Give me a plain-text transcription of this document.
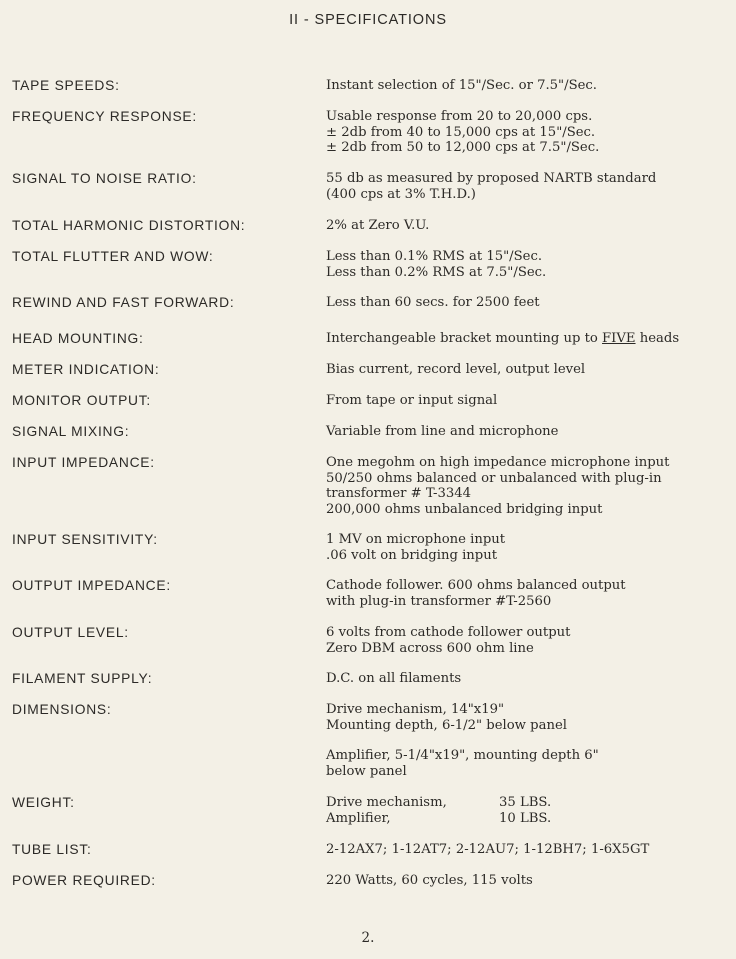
II - SPECIFICATIONS
TAPE SPEEDS:	Instant selection of 15"/Sec. or 7.5"/Sec.
FREQUENCY RESPONSE:	Usable response from 20 to 20,000 cps.
± 2db from 40 to 15,000 cps at 15"/Sec.
± 2db from 50 to 12,000 cps at 7.5"/Sec.
SIGNAL TO NOISE RATIO:	55 db as measured by proposed NARTB standard
(400 cps at 3% T.H.D.)
TOTAL HARMONIC DISTORTION:	2% at Zero V.U.
TOTAL FLUTTER AND WOW:	Less than 0.1% RMS at 15"/Sec.
Less than 0.2% RMS at 7.5"/Sec.
REWIND AND FAST FORWARD:	Less than 60 secs. for 2500 feet
HEAD MOUNTING:	Interchangeable bracket mounting up to FIVE heads
METER INDICATION:	Bias current, record level, output level
MONITOR OUTPUT:	From tape or input signal
SIGNAL MIXING:	Variable from line and microphone
INPUT IMPEDANCE:	One megohm on high impedance microphone input
50/250 ohms balanced or unbalanced with plug-in
transformer # T-3344
200,000 ohms unbalanced bridging input
INPUT SENSITIVITY:	1 MV on microphone input
.06 volt on bridging input
OUTPUT IMPEDANCE:	Cathode follower. 600 ohms balanced output
with plug-in transformer #T-2560
OUTPUT LEVEL:	6 volts from cathode follower output
Zero DBM across 600 ohm line
FILAMENT SUPPLY:	D.C. on all filaments
DIMENSIONS:	Drive mechanism, 14"x19"
Mounting depth, 6-1/2" below panel
Amplifier, 5-1/4"x19", mounting depth 6"
below panel
WEIGHT:	Drive mechanism,	35 LBS.
Amplifier,	10 LBS.
TUBE LIST:	2-12AX7; 1-12AT7; 2-12AU7; 1-12BH7; 1-6X5GT
POWER REQUIRED:	220 Watts, 60 cycles, 115 volts
2.
